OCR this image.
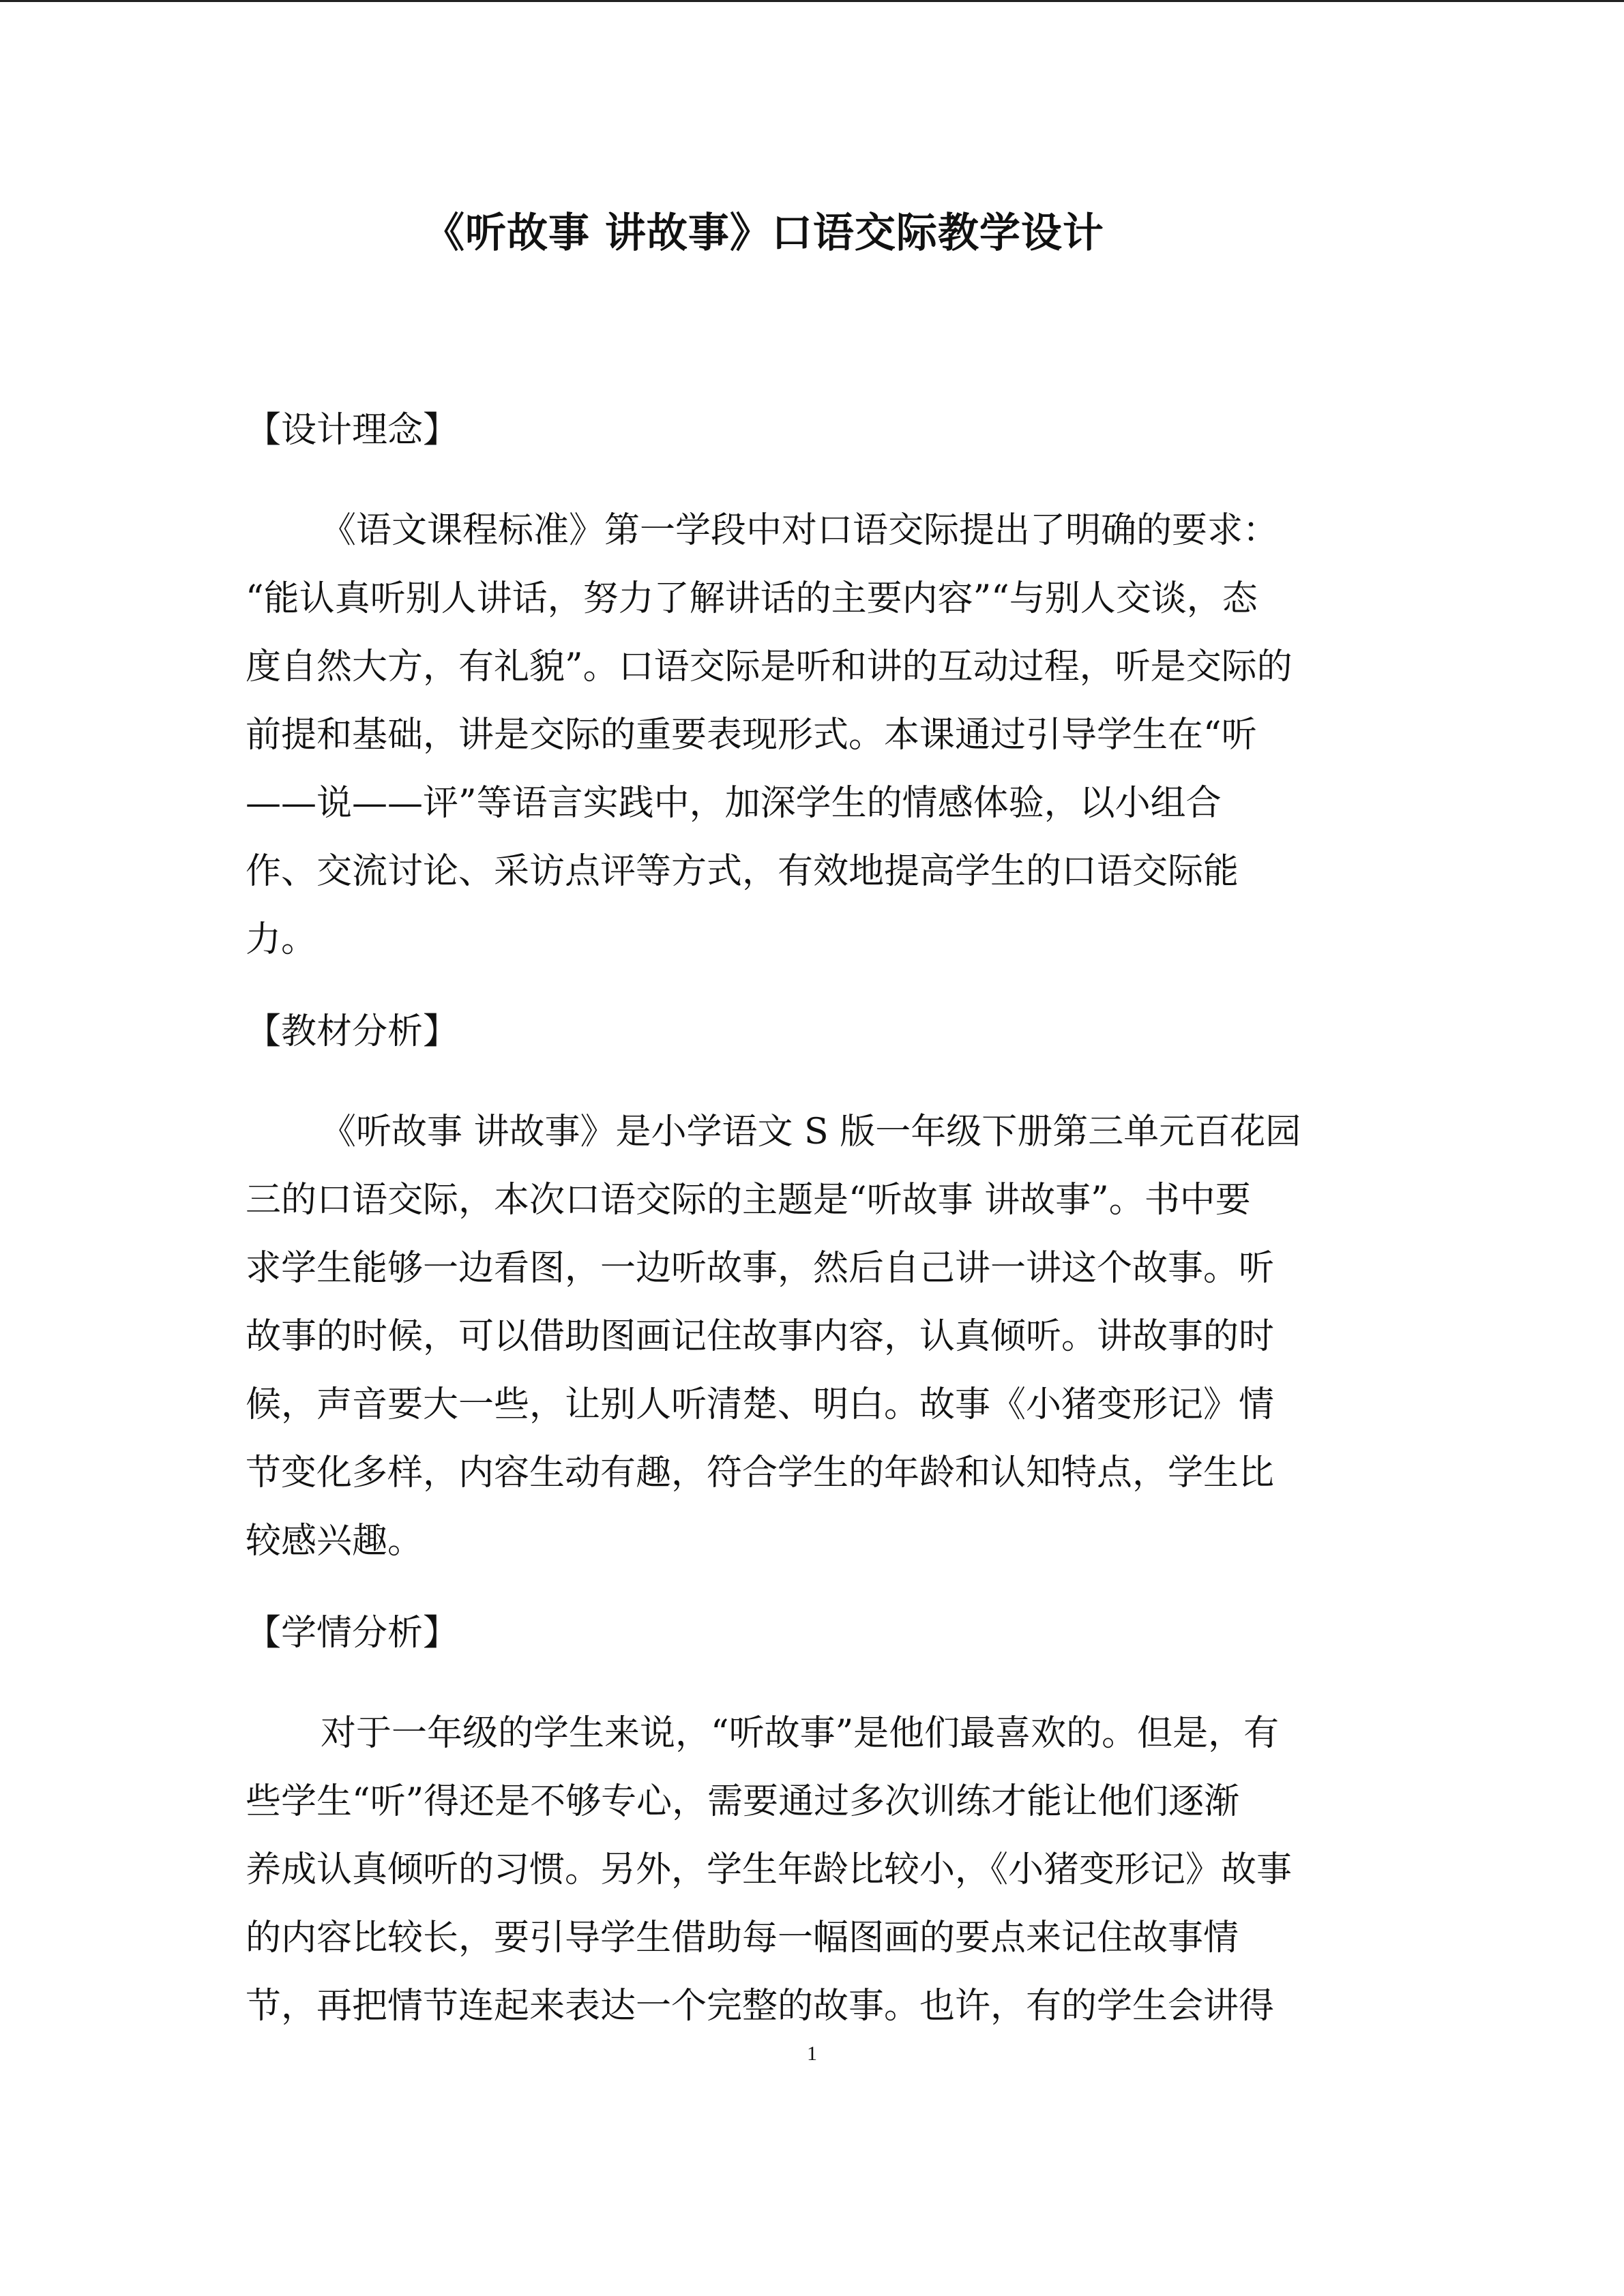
《听故事 讲故事》口语交际教学设计
【设计理念】
《语文课程标准》第一学段中对口语交际提出了明确的要求：
“能认真听别人讲话，努力了解讲话的主要内容”“与别人交谈，态
度自然大方，有礼貌”。口语交际是听和讲的互动过程，听是交际的
前提和基础，讲是交际的重要表现形式。本课通过引导学生在“听
——说——评”等语言实践中，加深学生的情感体验，以小组合
作、交流讨论、采访点评等方式，有效地提高学生的口语交际能
力。
【教材分析】
《听故事 讲故事》是小学语文 S 版一年级下册第三单元百花园
三的口语交际，本次口语交际的主题是“听故事 讲故事”。书中要
求学生能够一边看图，一边听故事，然后自己讲一讲这个故事。听
故事的时候，可以借助图画记住故事内容，认真倾听。讲故事的时
候，声音要大一些，让别人听清楚、明白。故事《小猪变形记》情
节变化多样，内容生动有趣，符合学生的年龄和认知特点，学生比
较感兴趣。
【学情分析】
对于一年级的学生来说，“听故事”是他们最喜欢的。但是，有
些学生“听”得还是不够专心，需要通过多次训练才能让他们逐渐
养成认真倾听的习惯。另外，学生年龄比较小，《小猪变形记》故事
的内容比较长，要引导学生借助每一幅图画的要点来记住故事情
节，再把情节连起来表达一个完整的故事。也许，有的学生会讲得
1
